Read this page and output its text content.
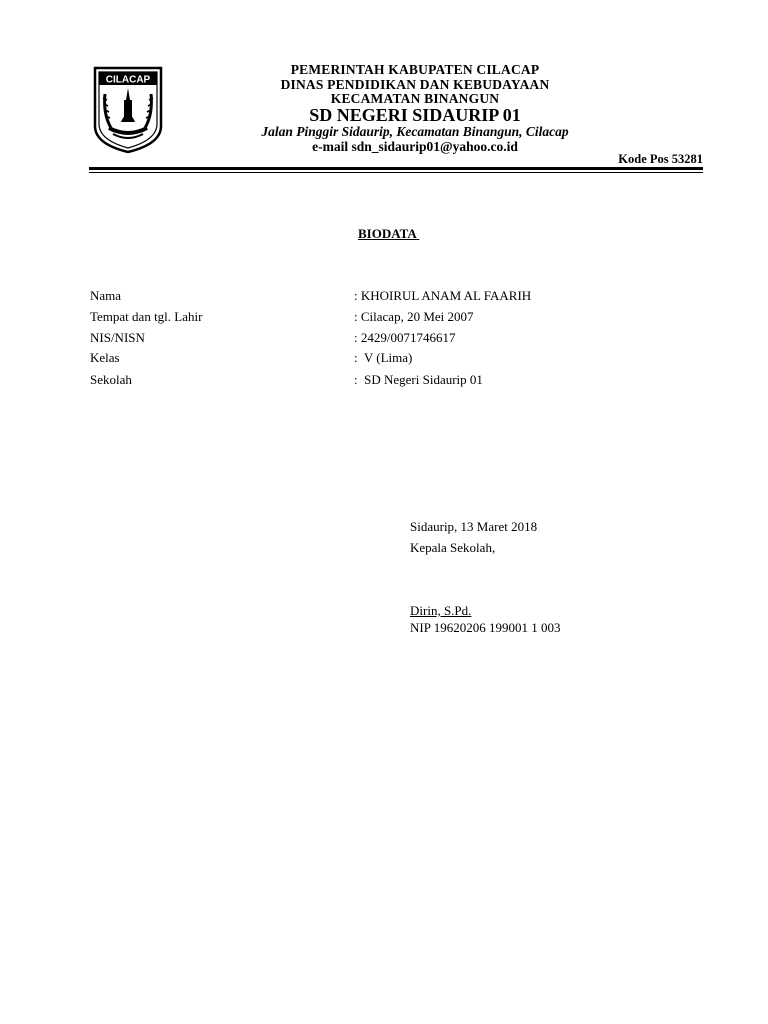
CILACAP
PEMERINTAH KABUPATEN CILACAP
DINAS PENDIDIKAN DAN KEBUDAYAAN
KECAMATAN BINANGUN
SD NEGERI SIDAURIP 01
Jalan Pinggir Sidaurip, Kecamatan Binangun, Cilacap
e-mail sdn_sidaurip01@yahoo.co.id
Kode Pos 53281
BIODATA
Nama	: KHOIRUL ANAM AL FAARIH
Tempat dan tgl. Lahir	: Cilacap, 20 Mei 2007
NIS/NISN	: 2429/0071746617
Kelas	:  V (Lima)
Sekolah	:  SD Negeri Sidaurip 01
Sidaurip, 13 Maret 2018
Kepala Sekolah,
Dirin, S.Pd.
NIP 19620206 199001 1 003
